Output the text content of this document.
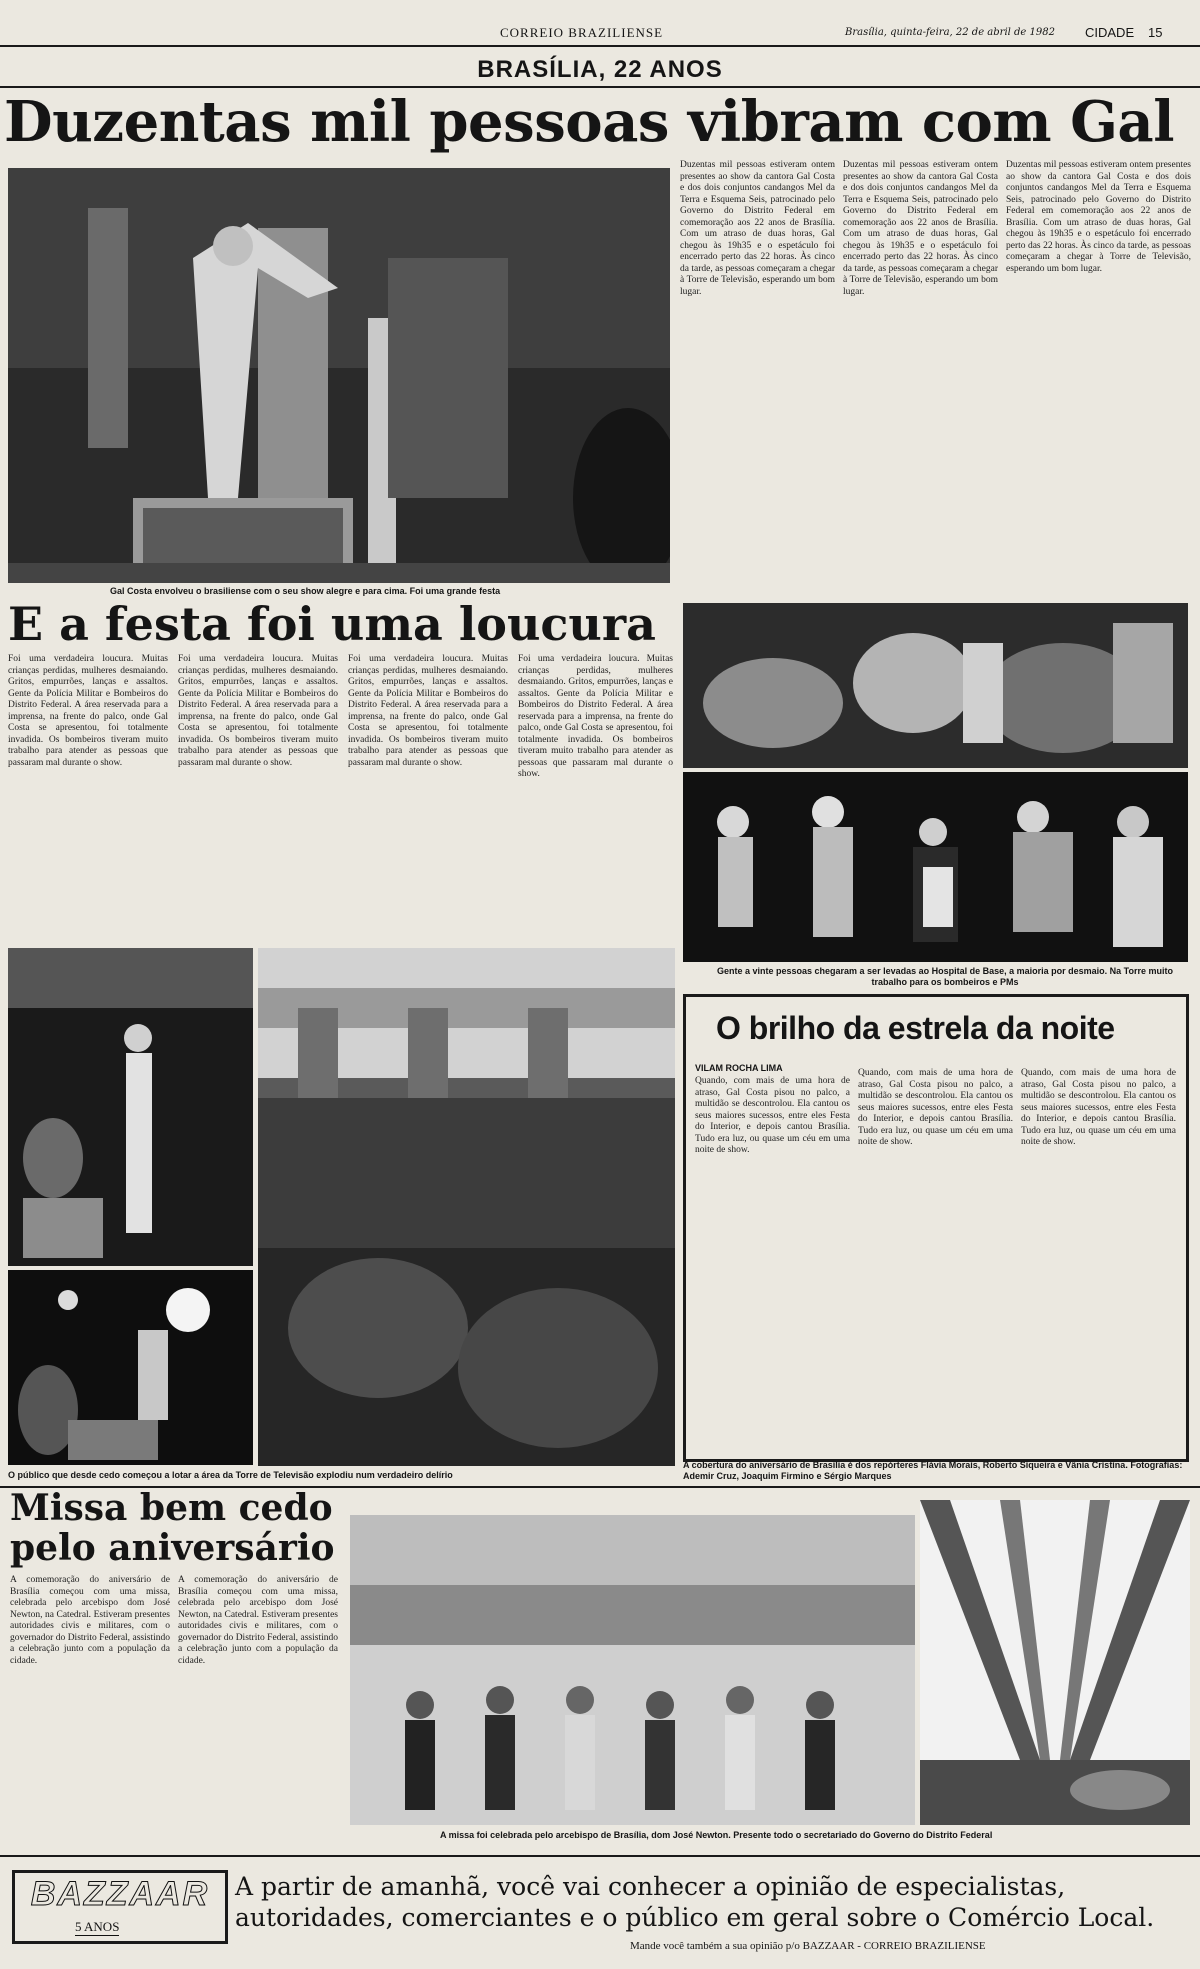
CORREIO BRAZILIENSE	Brasília, quinta-feira, 22 de abril de 1982 CIDADE 15
BRASÍLIA, 22 ANOS
Duzentas mil pessoas vibram com Gal
Gal Costa envolveu o brasiliense com o seu show alegre e para cima. Foi uma grande festa
Duzentas mil pessoas estiveram ontem presentes ao show da cantora Gal Costa e dos dois conjuntos candangos Mel da Terra e Esquema Seis, patrocinado pelo Governo do Distrito Federal em comemoração aos 22 anos de Brasília. Com um atraso de duas horas, Gal chegou às 19h35 e o espetáculo foi encerrado perto das 22 horas. Às cinco da tarde, as pessoas começaram a chegar à Torre de Televisão, esperando um bom lugar.
Duzentas mil pessoas estiveram ontem presentes ao show da cantora Gal Costa e dos dois conjuntos candangos Mel da Terra e Esquema Seis, patrocinado pelo Governo do Distrito Federal em comemoração aos 22 anos de Brasília. Com um atraso de duas horas, Gal chegou às 19h35 e o espetáculo foi encerrado perto das 22 horas. Às cinco da tarde, as pessoas começaram a chegar à Torre de Televisão, esperando um bom lugar.
Duzentas mil pessoas estiveram ontem presentes ao show da cantora Gal Costa e dos dois conjuntos candangos Mel da Terra e Esquema Seis, patrocinado pelo Governo do Distrito Federal em comemoração aos 22 anos de Brasília. Com um atraso de duas horas, Gal chegou às 19h35 e o espetáculo foi encerrado perto das 22 horas. Às cinco da tarde, as pessoas começaram a chegar à Torre de Televisão, esperando um bom lugar.
E a festa foi uma loucura
Foi uma verdadeira loucura. Muitas crianças perdidas, mulheres desmaiando. Gritos, empurrões, lanças e assaltos. Gente da Polícia Militar e Bombeiros do Distrito Federal. A área reservada para a imprensa, na frente do palco, onde Gal Costa se apresentou, foi totalmente invadida. Os bombeiros tiveram muito trabalho para atender as pessoas que passaram mal durante o show.
Foi uma verdadeira loucura. Muitas crianças perdidas, mulheres desmaiando. Gritos, empurrões, lanças e assaltos. Gente da Polícia Militar e Bombeiros do Distrito Federal. A área reservada para a imprensa, na frente do palco, onde Gal Costa se apresentou, foi totalmente invadida. Os bombeiros tiveram muito trabalho para atender as pessoas que passaram mal durante o show.
Foi uma verdadeira loucura. Muitas crianças perdidas, mulheres desmaiando. Gritos, empurrões, lanças e assaltos. Gente da Polícia Militar e Bombeiros do Distrito Federal. A área reservada para a imprensa, na frente do palco, onde Gal Costa se apresentou, foi totalmente invadida. Os bombeiros tiveram muito trabalho para atender as pessoas que passaram mal durante o show.
Foi uma verdadeira loucura. Muitas crianças perdidas, mulheres desmaiando. Gritos, empurrões, lanças e assaltos. Gente da Polícia Militar e Bombeiros do Distrito Federal. A área reservada para a imprensa, na frente do palco, onde Gal Costa se apresentou, foi totalmente invadida. Os bombeiros tiveram muito trabalho para atender as pessoas que passaram mal durante o show.
Gente a vinte pessoas chegaram a ser levadas ao Hospital de Base, a maioria por desmaio. Na Torre muito trabalho para os bombeiros e PMs
O público que desde cedo começou a lotar a área da Torre de Televisão explodiu num verdadeiro delírio
O brilho da estrela da noite
VILAM ROCHA LIMA
Quando, com mais de uma hora de atraso, Gal Costa pisou no palco, a multidão se descontrolou. Ela cantou os seus maiores sucessos, entre eles Festa do Interior, e depois cantou Brasília. Tudo era luz, ou quase um céu em uma noite de show.
Quando, com mais de uma hora de atraso, Gal Costa pisou no palco, a multidão se descontrolou. Ela cantou os seus maiores sucessos, entre eles Festa do Interior, e depois cantou Brasília. Tudo era luz, ou quase um céu em uma noite de show.
Quando, com mais de uma hora de atraso, Gal Costa pisou no palco, a multidão se descontrolou. Ela cantou os seus maiores sucessos, entre eles Festa do Interior, e depois cantou Brasília. Tudo era luz, ou quase um céu em uma noite de show.
A cobertura do aniversário de Brasília é dos repórteres Flávia Morais, Roberto Siqueira e Vânia Cristina. Fotografias: Ademir Cruz, Joaquim Firmino e Sérgio Marques
Missa bem cedo
pelo aniversário
A comemoração do aniversário de Brasília começou com uma missa, celebrada pelo arcebispo dom José Newton, na Catedral. Estiveram presentes autoridades civis e militares, com o governador do Distrito Federal, assistindo a celebração junto com a população da cidade.
A comemoração do aniversário de Brasília começou com uma missa, celebrada pelo arcebispo dom José Newton, na Catedral. Estiveram presentes autoridades civis e militares, com o governador do Distrito Federal, assistindo a celebração junto com a população da cidade.
A missa foi celebrada pelo arcebispo de Brasília, dom José Newton. Presente todo o secretariado do Governo do Distrito Federal
BAZZAAR
5 ANOS
A partir de amanhã, você vai conhecer a opinião de especialistas,
autoridades, comerciantes e o público em geral sobre o Comércio Local.
Mande você também a sua opinião p/o BAZZAAR - CORREIO BRAZILIENSE
